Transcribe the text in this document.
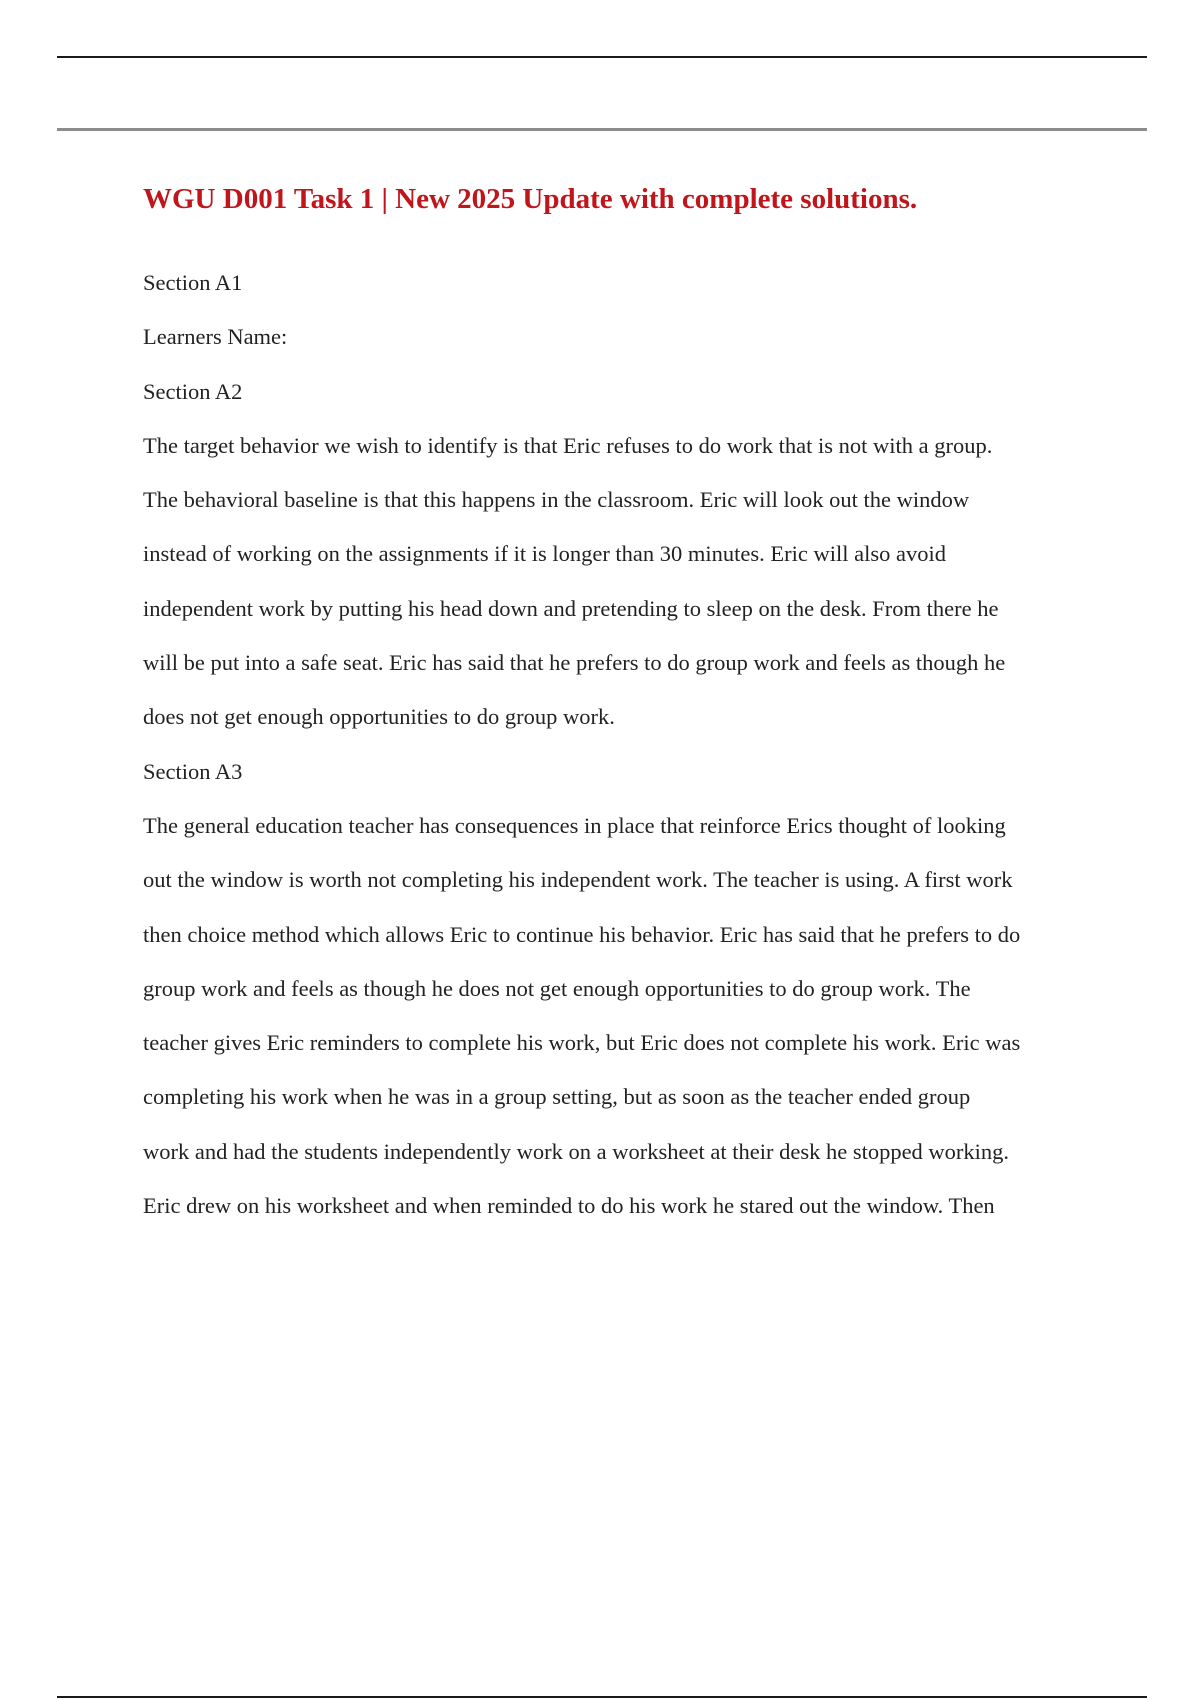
WGU D001 Task 1 | New 2025 Update with complete solutions.
Section A1
Learners Name:
Section A2
The target behavior we wish to identify is that Eric refuses to do work that is not with a group.
The behavioral baseline is that this happens in the classroom. Eric will look out the window
instead of working on the assignments if it is longer than 30 minutes. Eric will also avoid
independent work by putting his head down and pretending to sleep on the desk. From there he
will be put into a safe seat. Eric has said that he prefers to do group work and feels as though he
does not get enough opportunities to do group work.
Section A3
The general education teacher has consequences in place that reinforce Erics thought of looking
out the window is worth not completing his independent work. The teacher is using. A first work
then choice method which allows Eric to continue his behavior. Eric has said that he prefers to do
group work and feels as though he does not get enough opportunities to do group work. The
teacher gives Eric reminders to complete his work, but Eric does not complete his work. Eric was
completing his work when he was in a group setting, but as soon as the teacher ended group
work and had the students independently work on a worksheet at their desk he stopped working.
Eric drew on his worksheet and when reminded to do his work he stared out the window. Then
